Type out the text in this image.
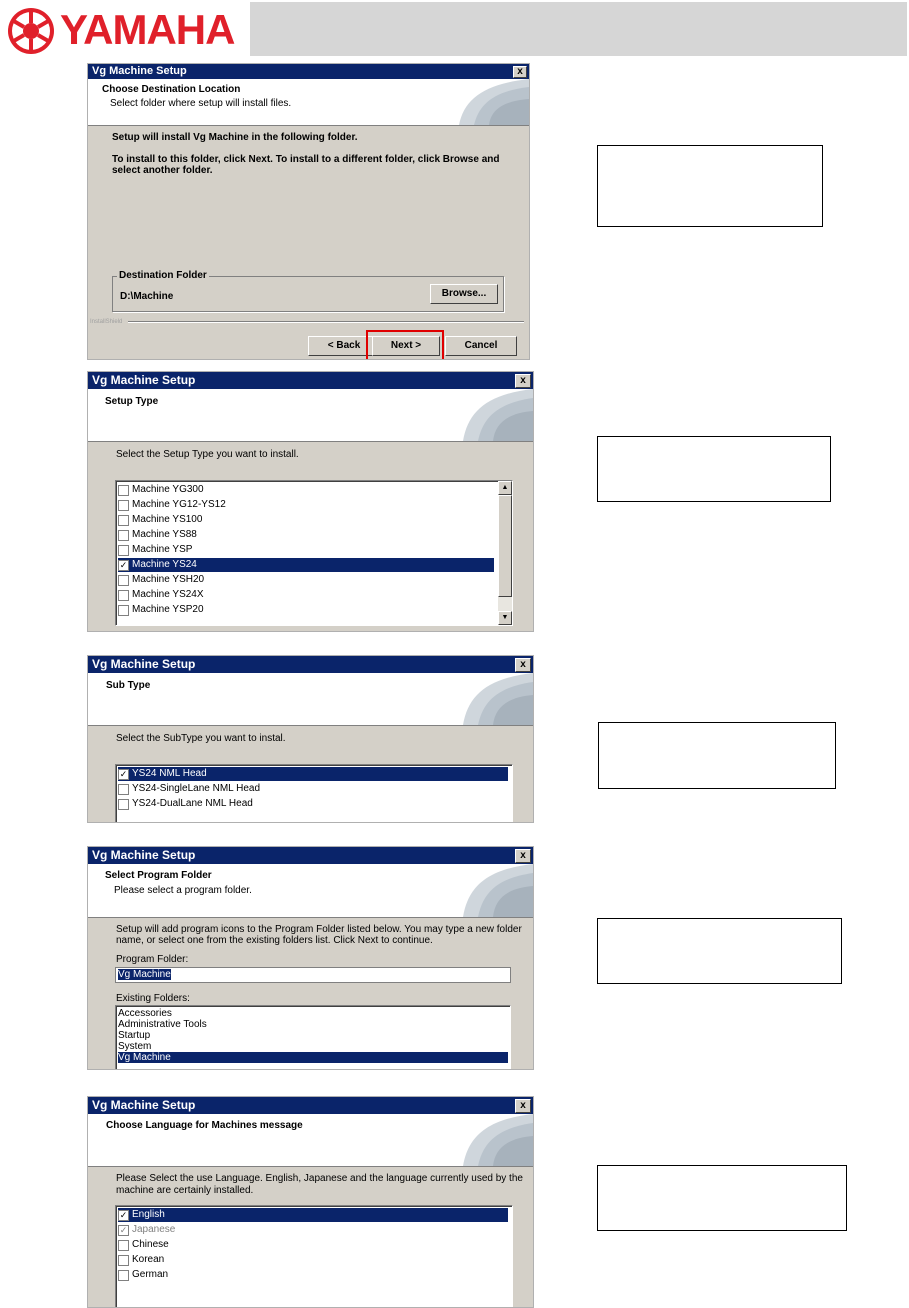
YAMAHA
Vg Machine Setup	x
Choose Destination Location
Select folder where setup will install files.
Setup will install Vg Machine in the following folder.
To install to this folder, click Next. To install to a different folder, click Browse and
select another folder.
Destination Folder
D:\Machine	Browse...
InstallShield
< Back	Next >	Cancel
Vg Machine Setup	x
Setup Type
Select the Setup Type you want to install.
Machine YG300
Machine YG12-YS12
Machine YS100
Machine YS88
Machine YSP
✓ Machine YS24
Machine YSH20
Machine YS24X
Machine YSP20
▲
▼
Vg Machine Setup	x
Sub Type
Select the SubType you want to instal.
✓ YS24 NML Head
YS24-SingleLane NML Head
YS24-DualLane NML Head
Vg Machine Setup	x
Select Program Folder
Please select a program folder.
Setup will add program icons to the Program Folder listed below. You may type a new folder
name, or select one from the existing folders list. Click Next to continue.
Program Folder:
Vg Machine
Existing Folders:
Accessories
Administrative Tools
Startup
System
Vg Machine
Vg Machine Setup	x
Choose Language for Machines message
Please Select the use Language. English, Japanese and the language currently used by the
machine are certainly installed.
✓ English
✓ Japanese
Chinese
Korean
German
